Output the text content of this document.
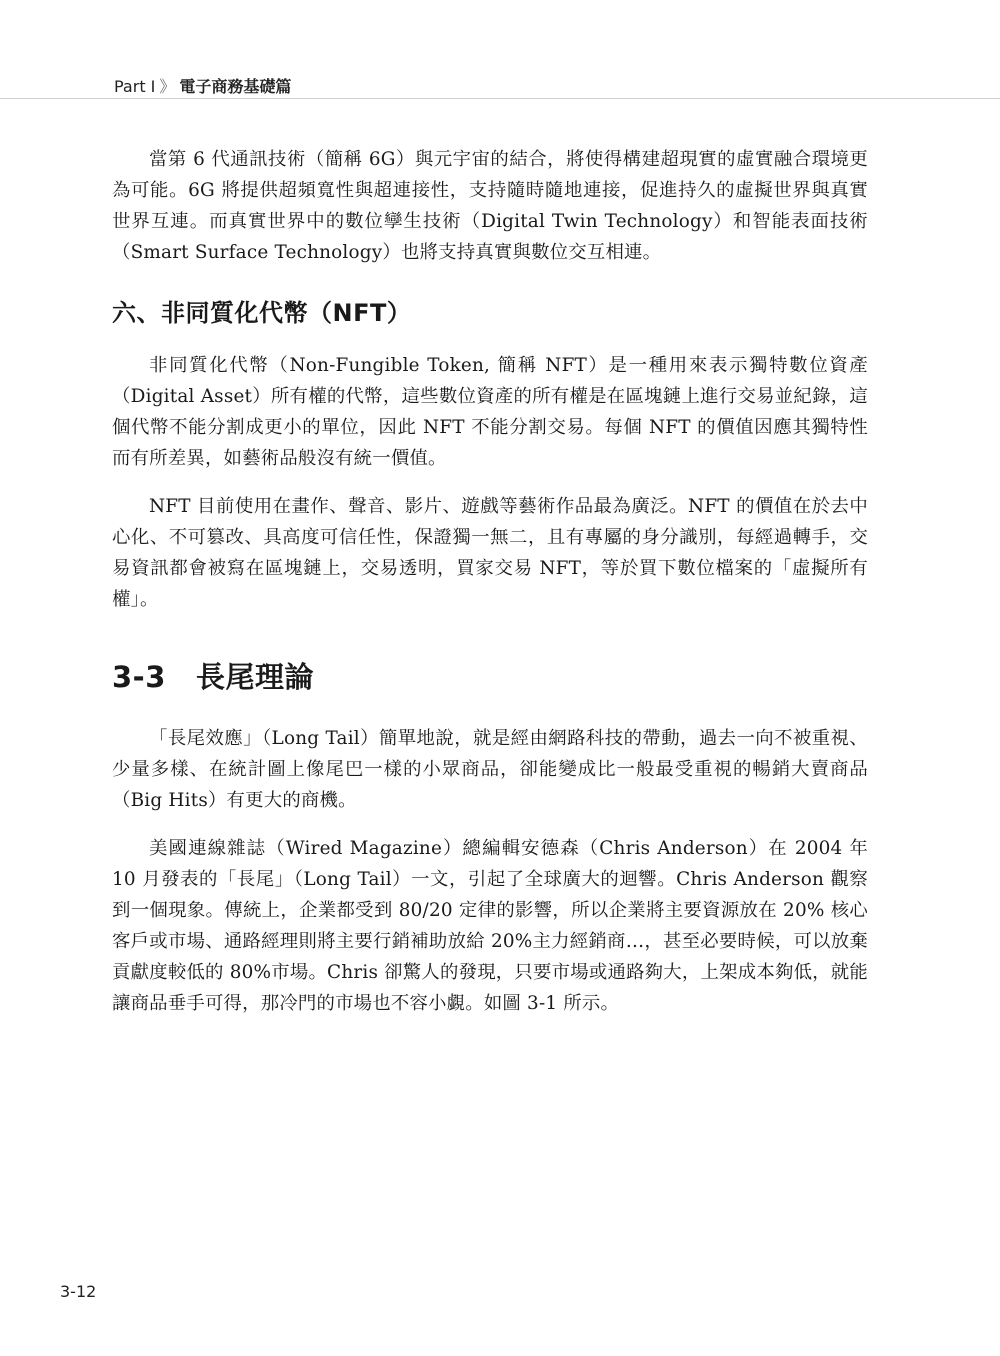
Part I 》 電子商務基礎篇

當第 6 代通訊技術（簡稱 6G）與元宇宙的結合，將使得構建超現實的虛實融合環境更為可能。6G 將提供超頻寬性與超連接性，支持隨時隨地連接，促進持久的虛擬世界與真實世界互連。而真實世界中的數位孿生技術（Digital Twin Technology）和智能表面技術（Smart Surface Technology）也將支持真實與數位交互相連。

六、非同質化代幣（NFT）

非同質化代幣（Non-Fungible Token, 簡稱 NFT）是一種用來表示獨特數位資產（Digital Asset）所有權的代幣，這些數位資產的所有權是在區塊鏈上進行交易並紀錄，這個代幣不能分割成更小的單位，因此 NFT 不能分割交易。每個 NFT 的價值因應其獨特性而有所差異，如藝術品般沒有統一價值。

NFT 目前使用在畫作、聲音、影片、遊戲等藝術作品最為廣泛。NFT 的價值在於去中心化、不可篡改、具高度可信任性，保證獨一無二，且有專屬的身分識別，每經過轉手，交易資訊都會被寫在區塊鏈上，交易透明，買家交易 NFT，等於買下數位檔案的「虛擬所有權」。

3-3 長尾理論

「長尾效應」（Long Tail）簡單地說，就是經由網路科技的帶動，過去一向不被重視、少量多樣、在統計圖上像尾巴一樣的小眾商品，卻能變成比一般最受重視的暢銷大賣商品（Big Hits）有更大的商機。

美國連線雜誌（Wired Magazine）總編輯安德森（Chris Anderson）在 2004 年 10 月發表的「長尾」（Long Tail）一文，引起了全球廣大的迴響。Chris Anderson 觀察到一個現象。傳統上，企業都受到 80/20 定律的影響，所以企業將主要資源放在 20% 核心客戶或市場、通路經理則將主要行銷補助放給 20%主力經銷商…，甚至必要時候，可以放棄貢獻度較低的 80%市場。Chris 卻驚人的發現，只要市場或通路夠大，上架成本夠低，就能讓商品垂手可得，那冷門的市場也不容小覷。如圖 3-1 所示。

3-12
